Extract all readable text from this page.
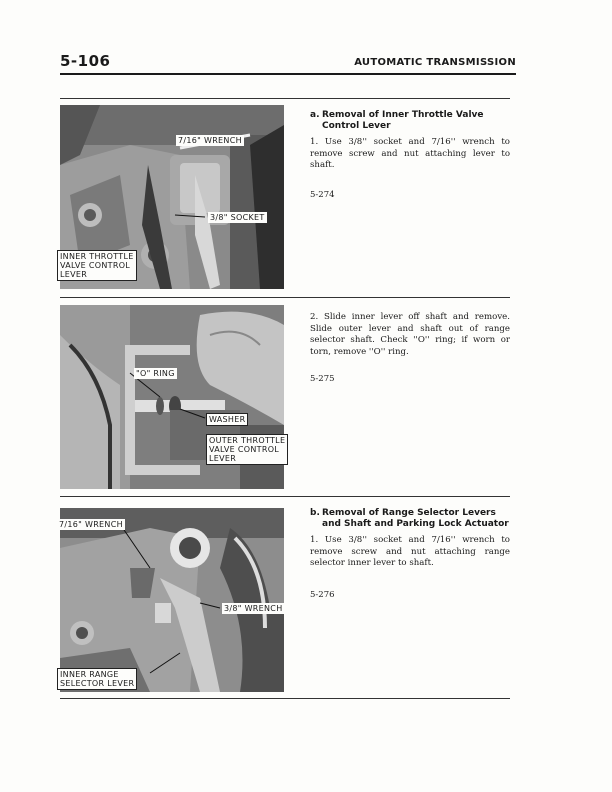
5-106	AUTOMATIC TRANSMISSION
7/16" WRENCH
3/8" SOCKET
INNER THROTTLE
VALVE CONTROL
LEVER
a. Removal of Inner Throttle Valve
Control Lever
1. Use 3/8'' socket and 7/16'' wrench to remove screw and nut attaching lever to shaft.
5-274
"O" RING
WASHER
OUTER THROTTLE
VALVE CONTROL
LEVER
2. Slide inner lever off shaft and remove. Slide outer lever and shaft out of range selector shaft. Check ''O'' ring; if worn or torn, remove ''O'' ring.
5-275
7/16" WRENCH
3/8" WRENCH
INNER RANGE
SELECTOR LEVER
b. Removal of Range Selector Levers
and Shaft and Parking Lock Actuator
1. Use 3/8'' socket and 7/16'' wrench to remove screw and nut attaching range selector inner lever to shaft.
5-276
